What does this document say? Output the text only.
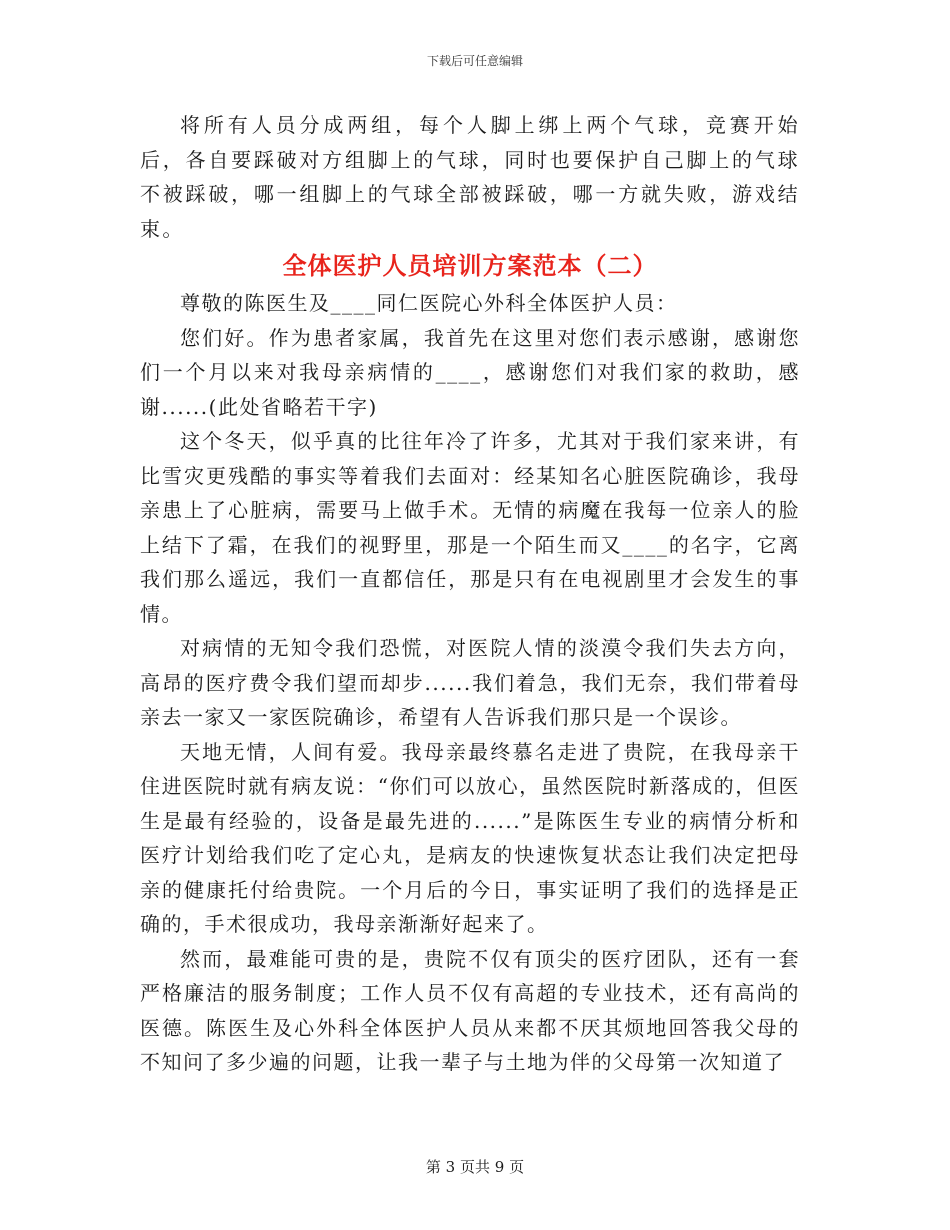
下载后可任意编辑

将所有人员分成两组，每个人脚上绑上两个气球，竞赛开始后，各自要踩破对方组脚上的气球，同时也要保护自己脚上的气球不被踩破，哪一组脚上的气球全部被踩破，哪一方就失败，游戏结束。

全体医护人员培训方案范本（二）

尊敬的陈医生及____同仁医院心外科全体医护人员：

您们好。作为患者家属，我首先在这里对您们表示感谢，感谢您们一个月以来对我母亲病情的____，感谢您们对我们家的救助，感谢......(此处省略若干字)

这个冬天，似乎真的比往年冷了许多，尤其对于我们家来讲，有比雪灾更残酷的事实等着我们去面对：经某知名心脏医院确诊，我母亲患上了心脏病，需要马上做手术。无情的病魔在我每一位亲人的脸上结下了霜，在我们的视野里，那是一个陌生而又____的名字，它离我们那么遥远，我们一直都信任，那是只有在电视剧里才会发生的事情。

对病情的无知令我们恐慌，对医院人情的淡漠令我们失去方向，高昂的医疗费令我们望而却步......我们着急，我们无奈，我们带着母亲去一家又一家医院确诊，希望有人告诉我们那只是一个误诊。

天地无情，人间有爱。我母亲最终慕名走进了贵院，在我母亲干住进医院时就有病友说：“你们可以放心，虽然医院时新落成的，但医生是最有经验的，设备是最先进的......”是陈医生专业的病情分析和医疗计划给我们吃了定心丸，是病友的快速恢复状态让我们决定把母亲的健康托付给贵院。一个月后的今日，事实证明了我们的选择是正确的，手术很成功，我母亲渐渐好起来了。

然而，最难能可贵的是，贵院不仅有顶尖的医疗团队，还有一套严格廉洁的服务制度；工作人员不仅有高超的专业技术，还有高尚的医德。陈医生及心外科全体医护人员从来都不厌其烦地回答我父母的不知问了多少遍的问题，让我一辈子与土地为伴的父母第一次知道了

第 3 页共 9 页
